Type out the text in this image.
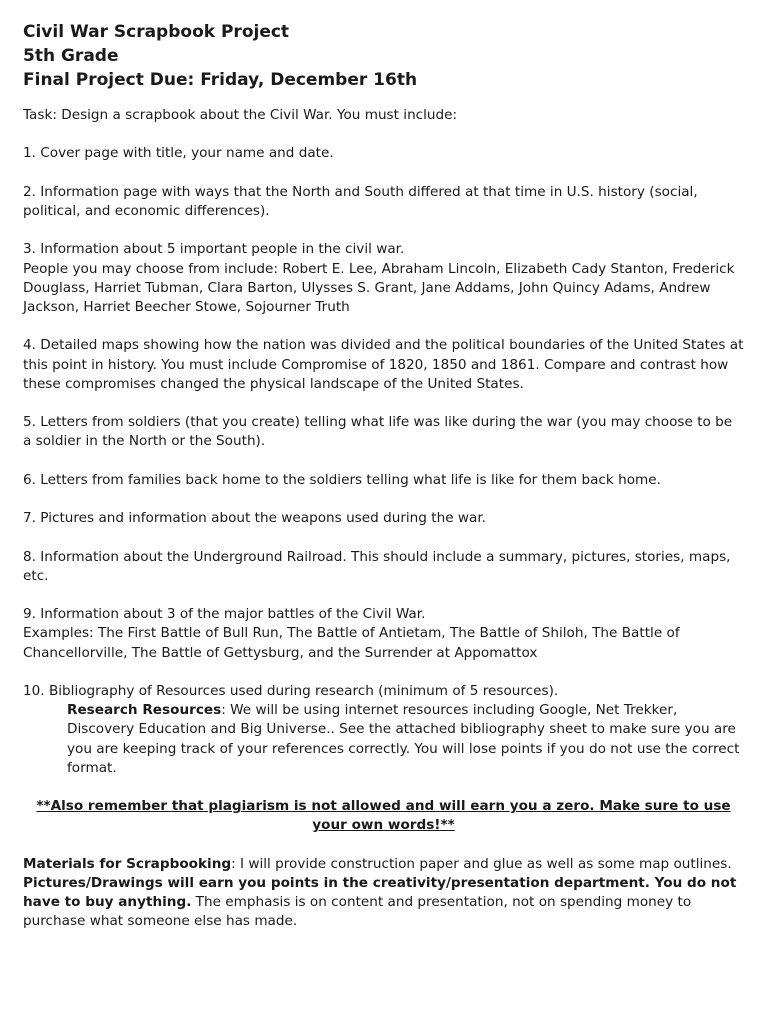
Civil War Scrapbook Project
5th Grade
Final Project Due: Friday, December 16th

Task: Design a scrapbook about the Civil War. You must include:

1. Cover page with title, your name and date.

2. Information page with ways that the North and South differed at that time in U.S. history (social, political, and economic differences).

3. Information about 5 important people in the civil war.

People you may choose from include: Robert E. Lee, Abraham Lincoln, Elizabeth Cady Stanton, Frederick Douglass, Harriet Tubman, Clara Barton, Ulysses S. Grant, Jane Addams, John Quincy Adams, Andrew Jackson, Harriet Beecher Stowe, Sojourner Truth

4. Detailed maps showing how the nation was divided and the political boundaries of the United States at this point in history. You must include Compromise of 1820, 1850 and 1861. Compare and contrast how these compromises changed the physical landscape of the United States.

5. Letters from soldiers (that you create) telling what life was like during the war (you may choose to be a soldier in the North or the South).

6. Letters from families back home to the soldiers telling what life is like for them back home.

7. Pictures and information about the weapons used during the war.

8. Information about the Underground Railroad. This should include a summary, pictures, stories, maps, etc.

9. Information about 3 of the major battles of the Civil War.

Examples: The First Battle of Bull Run, The Battle of Antietam, The Battle of Shiloh, The Battle of Chancellorville, The Battle of Gettysburg, and the Surrender at Appomattox

10. Bibliography of Resources used during research (minimum of 5 resources).

Research Resources: We will be using internet resources including Google, Net Trekker, Discovery Education and Big Universe.. See the attached bibliography sheet to make sure you are you are keeping track of your references correctly. You will lose points if you do not use the correct format.

**Also remember that plagiarism is not allowed and will earn you a zero. Make sure to use your own words!**

Materials for Scrapbooking: I will provide construction paper and glue as well as some map outlines. Pictures/Drawings will earn you points in the creativity/presentation department. You do not have to buy anything. The emphasis is on content and presentation, not on spending money to purchase what someone else has made.
